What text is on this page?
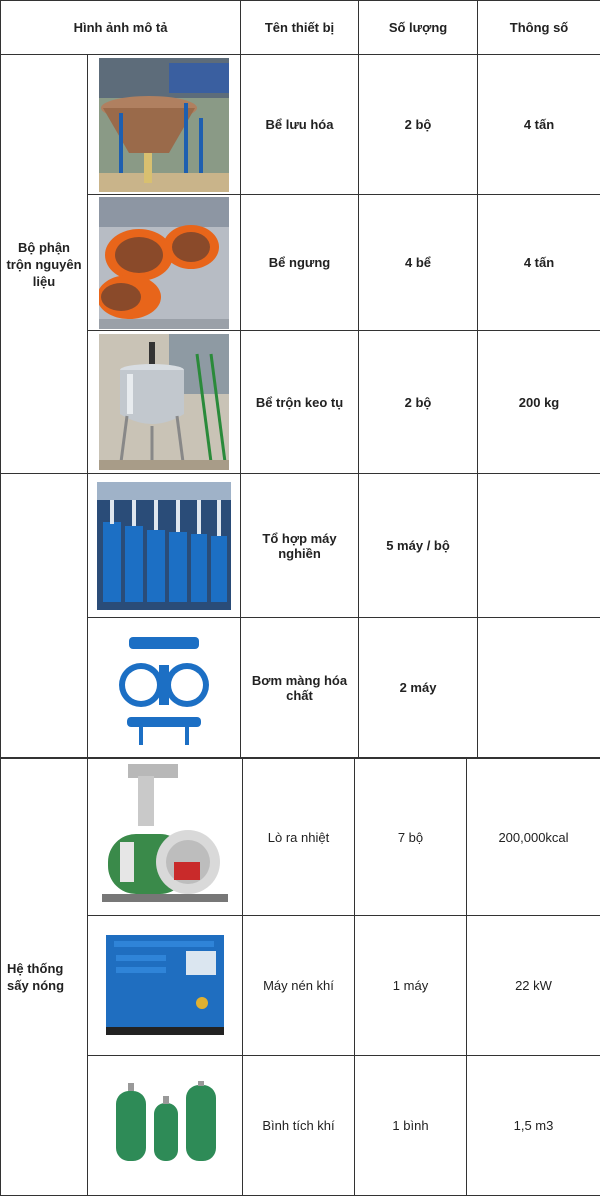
Hình ảnh mô tả		Tên thiết bị	Số lượng	Thông số
Bộ phận trộn nguyên liệu		Bể lưu hóa	2 bộ	4 tấn

	Bể ngưng	4 bể	4 tấn

	Bể trộn keo tụ	2 bộ	200 kg

	Tổ hợp máy nghiền	5 máy / bộ	

	Bơm màng hóa chất	2 máy	
Hệ thống sấy nóng		Lò ra nhiệt	7 bộ	200,000kcal

	Máy nén khí	1 máy	22 kW

	Bình tích khí	1 bình	1,5 m3
